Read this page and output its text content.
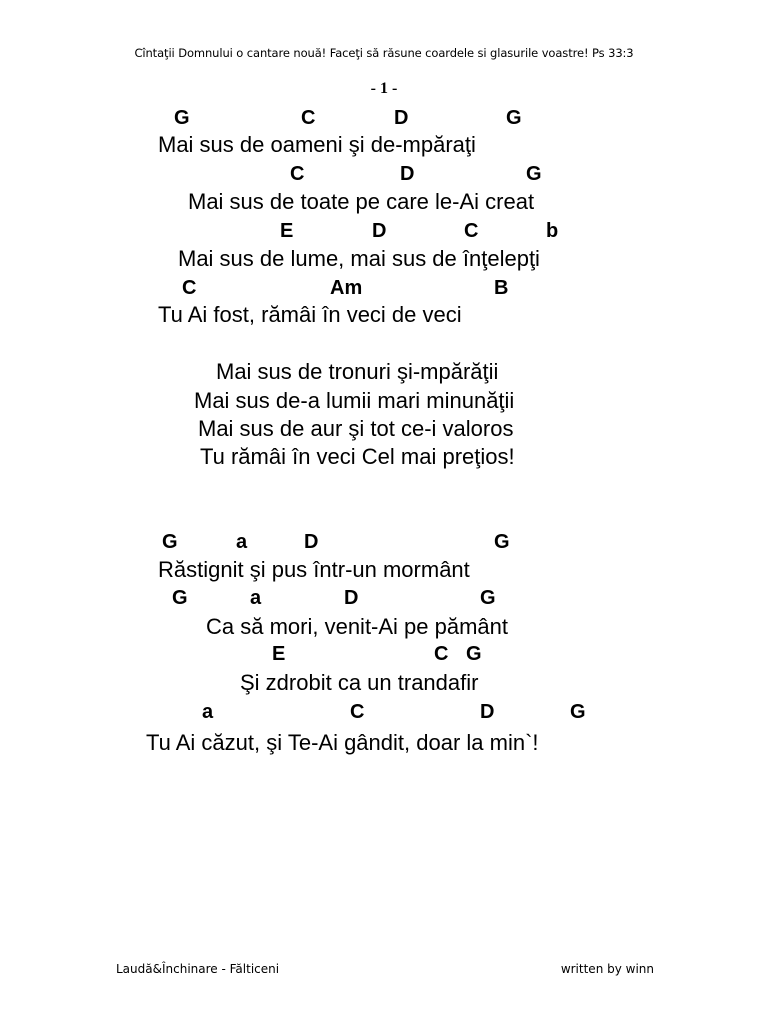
Cîntaţii Domnului o cantare nouă! Faceţi să răsune coardele si glasurile voastre! Ps 33:3
- 1 -
G	C	D	G
Mai sus de oameni şi de-mpăraţi
C	D	G
Mai sus de toate pe care le-Ai creat
E	D	C	b
Mai sus de lume, mai sus de înţelepţi
C	Am	B
Tu Ai fost, rămâi în veci de veci
Mai sus de tronuri şi-mpărăţii
Mai sus de-a lumii mari minunăţii
Mai sus de aur şi tot ce-i valoros
Tu rămâi în veci Cel mai preţios!
G	a	D	G
Răstignit şi pus într-un mormânt
G	a	D	G
Ca să mori, venit-Ai pe pământ
E	C G
Şi zdrobit ca un trandafir
a	C	D	G
Tu Ai căzut, şi Te-Ai gândit, doar la min`!
Laudă&Închinare - Fălticeni	written by winn
